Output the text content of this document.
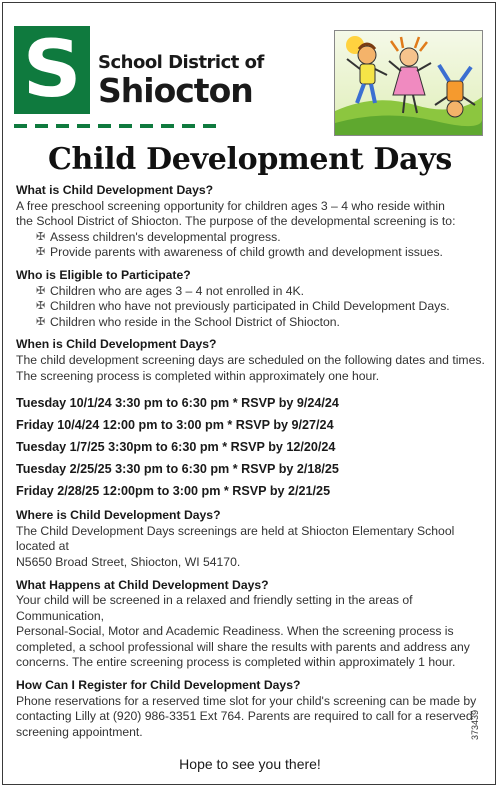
S School District of
Shiocton
Child Development Days
What is Child Development Days?

A free preschool screening opportunity for children ages 3 – 4 who reside within

the School District of Shiocton. The purpose of the developmental screening is to:

✠ Assess children's developmental progress.
✠ Provide parents with awareness of child growth and development issues.
Who is Eligible to Participate?
✠ Children who are ages 3 – 4 not enrolled in 4K.
✠ Children who have not previously participated in Child Development Days.
✠ Children who reside in the School District of Shiocton.
When is Child Development Days?

The child development screening days are scheduled on the following dates and times.

The screening process is completed within approximately one hour.

Tuesday 10/1/24 3:30 pm to 6:30 pm * RSVP by 9/24/24
Friday 10/4/24 12:00 pm to 3:00 pm * RSVP by 9/27/24
Tuesday 1/7/25 3:30pm to 6:30 pm * RSVP by 12/20/24
Tuesday 2/25/25 3:30 pm to 6:30 pm * RSVP by 2/18/25
Friday 2/28/25 12:00pm to 3:00 pm * RSVP by 2/21/25
Where is Child Development Days?

The Child Development Days screenings are held at Shiocton Elementary School located at

N5650 Broad Street, Shiocton, WI 54170.

What Happens at Child Development Days?

Your child will be screened in a relaxed and friendly setting in the areas of Communication,

Personal-Social, Motor and Academic Readiness. When the screening process is

completed, a school professional will share the results with parents and address any

concerns. The entire screening process is completed within approximately 1 hour.

How Can I Register for Child Development Days?

Phone reservations for a reserved time slot for your child's screening can be made by

contacting Lilly at (920) 986-3351 Ext 764. Parents are required to call for a reserved

screening appointment.

Hope to see you there!
373439
